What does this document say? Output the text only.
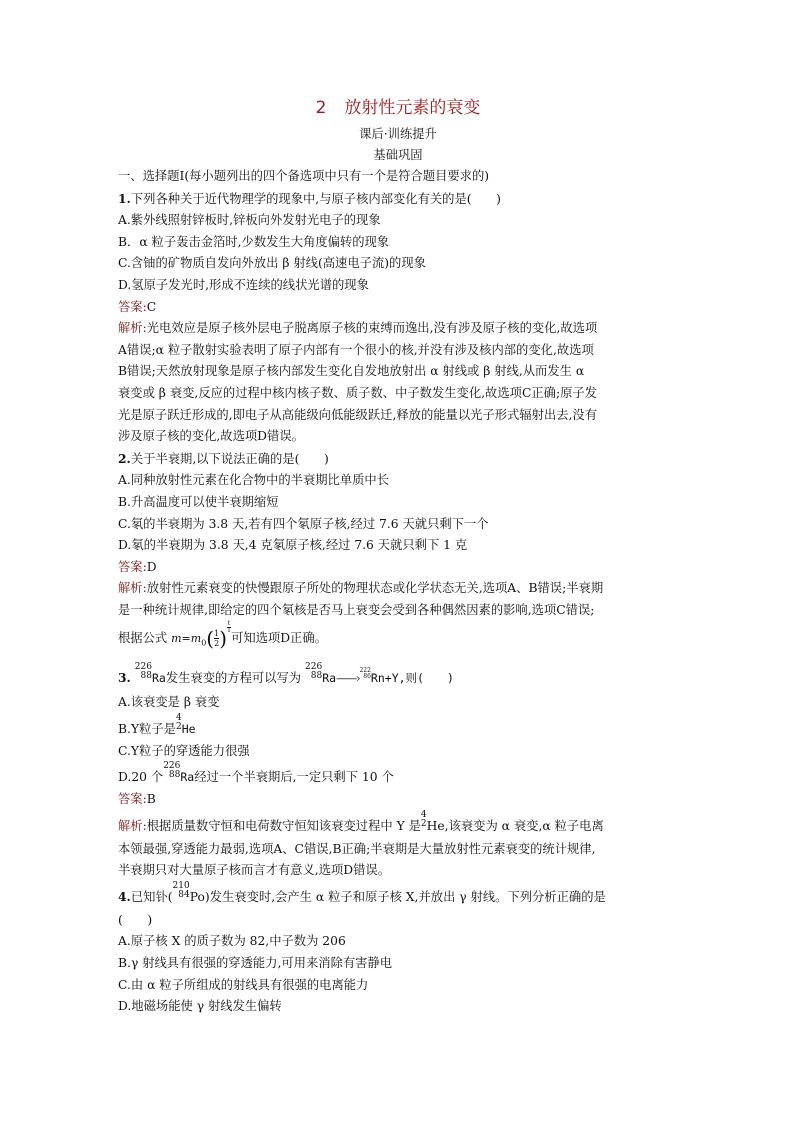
2 放射性元素的衰变
课后·训练提升
基础巩固
一、选择题Ⅰ(每小题列出的四个备选项中只有一个是符合题目要求的)
1.下列各种关于近代物理学的现象中,与原子核内部变化有关的是(　　)
A.紫外线照射锌板时,锌板向外发射光电子的现象
B．α 粒子轰击金箔时,少数发生大角度偏转的现象
C.含铀的矿物质自发向外放出 β 射线(高速电子流)的现象
D.氢原子发光时,形成不连续的线状光谱的现象
答案:C
解析:光电效应是原子核外层电子脱离原子核的束缚而逸出,没有涉及原子核的变化,故选项
A错误;α 粒子散射实验表明了原子内部有一个很小的核,并没有涉及核内部的变化,故选项
B错误;天然放射现象是原子核内部发生变化自发地放射出 α 射线或 β 射线,从而发生 α
衰变或 β 衰变,反应的过程中核内核子数、质子数、中子数发生变化,故选项C正确;原子发
光是原子跃迁形成的,即电子从高能级向低能级跃迁,释放的能量以光子形式辐射出去,没有
涉及原子核的变化,故选项D错误。
2.关于半衰期,以下说法正确的是(　　)
A.同种放射性元素在化合物中的半衰期比单质中长
B.升高温度可以使半衰期缩短
C.氡的半衰期为 3.8 天,若有四个氡原子核,经过 7.6 天就只剩下一个
D.氡的半衰期为 3.8 天,4 克氡原子核,经过 7.6 天就只剩下 1 克
答案:D
解析:放射性元素衰变的快慢跟原子所处的物理状态或化学状态无关,选项A、B错误;半衰期
是一种统计规律,即给定的四个氡核是否马上衰变会受到各种偶然因素的影响,选项C错误;
根据公式 $m=m_0( \frac{1}{2}$ ) $\frac{t}{T}$
可知选项D正确。
3.
226
88 Ra发生衰变的方程可以写为
226
88 Ra——›
222
86 Rn+Y,则(　　)
A.该衰变是 β 衰变
B.Y粒子是
4
2 He
C.Y粒子的穿透能力很强
D.20 个
226
88 Ra经过一个半衰期后,一定只剩下 10 个
答案:B
解析:根据质量数守恒和电荷数守恒知该衰变过程中 Y 是
4
2 He,该衰变为 α 衰变,α 粒子电离
本领最强,穿透能力最弱,选项A、C错误,B正确;半衰期是大量放射性元素衰变的统计规律,
半衰期只对大量原子核而言才有意义,选项D错误。
4.已知钋(
210
84 Po)发生衰变时,会产生 α 粒子和原子核 X,并放出 γ 射线。下列分析正确的是
(　　)
A.原子核 X 的质子数为 82,中子数为 206
B.γ 射线具有很强的穿透能力,可用来消除有害静电
C.由 α 粒子所组成的射线具有很强的电离能力
D.地磁场能使 γ 射线发生偏转
